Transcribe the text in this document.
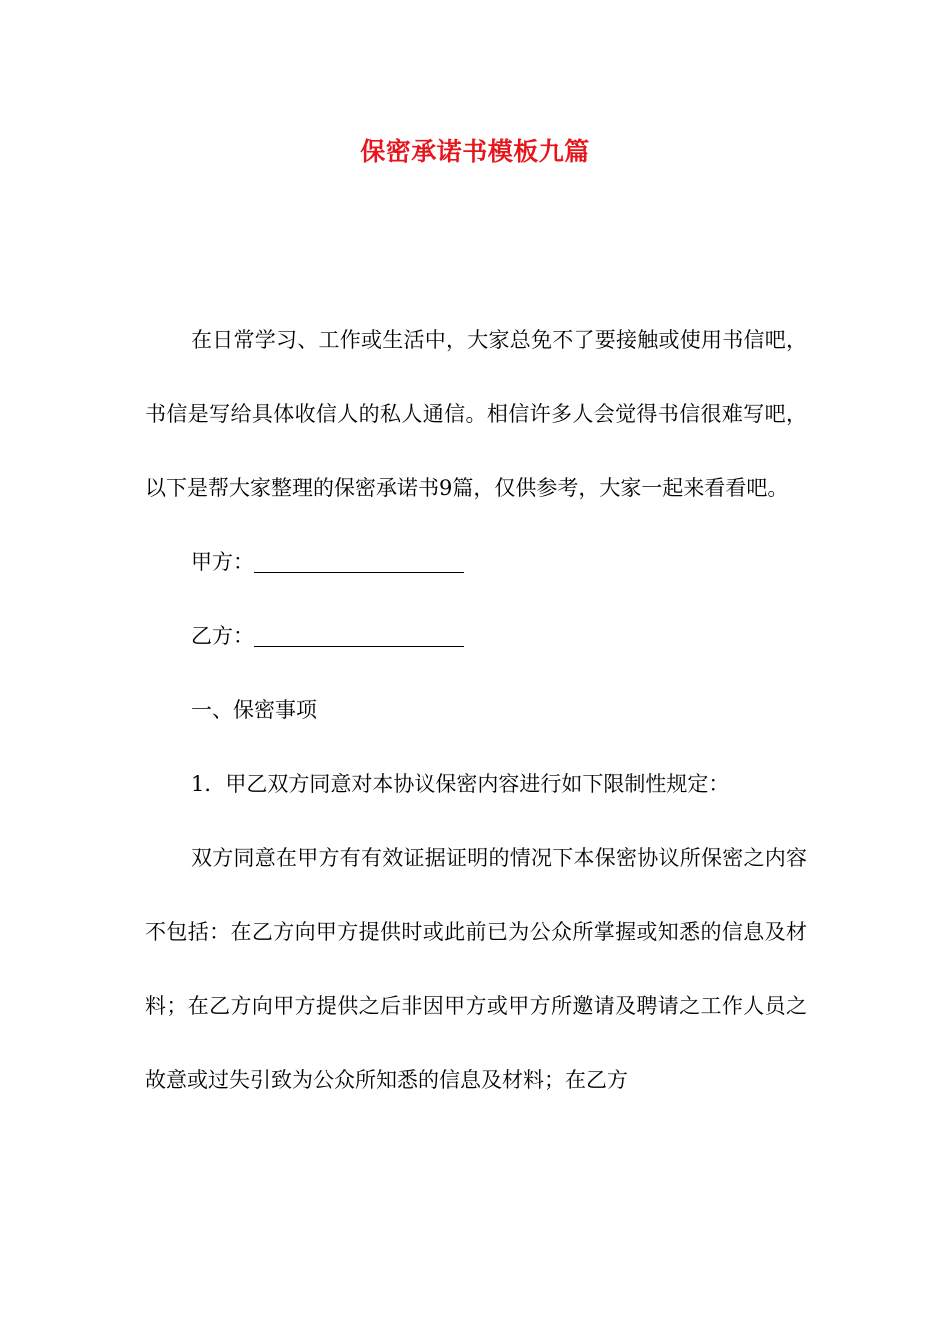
保密承诺书模板九篇

在日常学习、工作或生活中，大家总免不了要接触或使用书信吧，书信是写给具体收信人的私人通信。相信许多人会觉得书信很难写吧，以下是帮大家整理的保密承诺书9篇，仅供参考，大家一起来看看吧。

甲方：

乙方：

一、保密事项

1．甲乙双方同意对本协议保密内容进行如下限制性规定：

双方同意在甲方有有效证据证明的情况下本保密协议所保密之内容不包括：在乙方向甲方提供时或此前已为公众所掌握或知悉的信息及材料；在乙方向甲方提供之后非因甲方或甲方所邀请及聘请之工作人员之故意或过失引致为公众所知悉的信息及材料；在乙方
